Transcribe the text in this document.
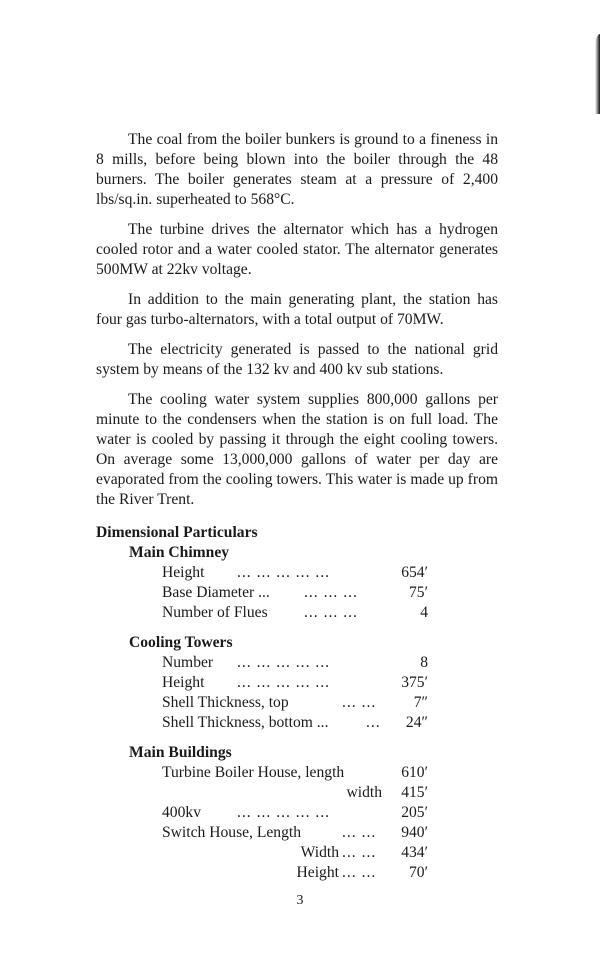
The coal from the boiler bunkers is ground to a fineness in 8 mills, before being blown into the boiler through the 48 burners. The boiler generates steam at a pressure of 2,400 lbs/sq.in. superheated to 568°C.

The turbine drives the alternator which has a hydrogen cooled rotor and a water cooled stator. The alternator generates 500MW at 22kv voltage.

In addition to the main generating plant, the station has four gas turbo-alternators, with a total output of 70MW.

The electricity generated is passed to the national grid system by means of the 132 kv and 400 kv sub stations.

The cooling water system supplies 800,000 gallons per minute to the condensers when the station is on full load. The water is cooled by passing it through the eight cooling towers. On average some 13,000,000 gallons of water per day are evaporated from the cooling towers. This water is made up from the River Trent.

Dimensional Particulars
Main Chimney
Height ... ... ... ... ...	654′
Base Diameter ... ... ... ...	75′
Number of Flues ... ... ...	4
Cooling Towers
Number ... ... ... ... ...	8
Height ... ... ... ... ...	375′
Shell Thickness, top	... ... 7″
Shell Thickness, bottom ... ... 24″
Main Buildings
Turbine Boiler House, length	610′
width 415′
400kv ... ... ... ... ...	205′
Switch House, Length	... ... 940′
Width ... ... 434′
Height ... ... 70′
3
